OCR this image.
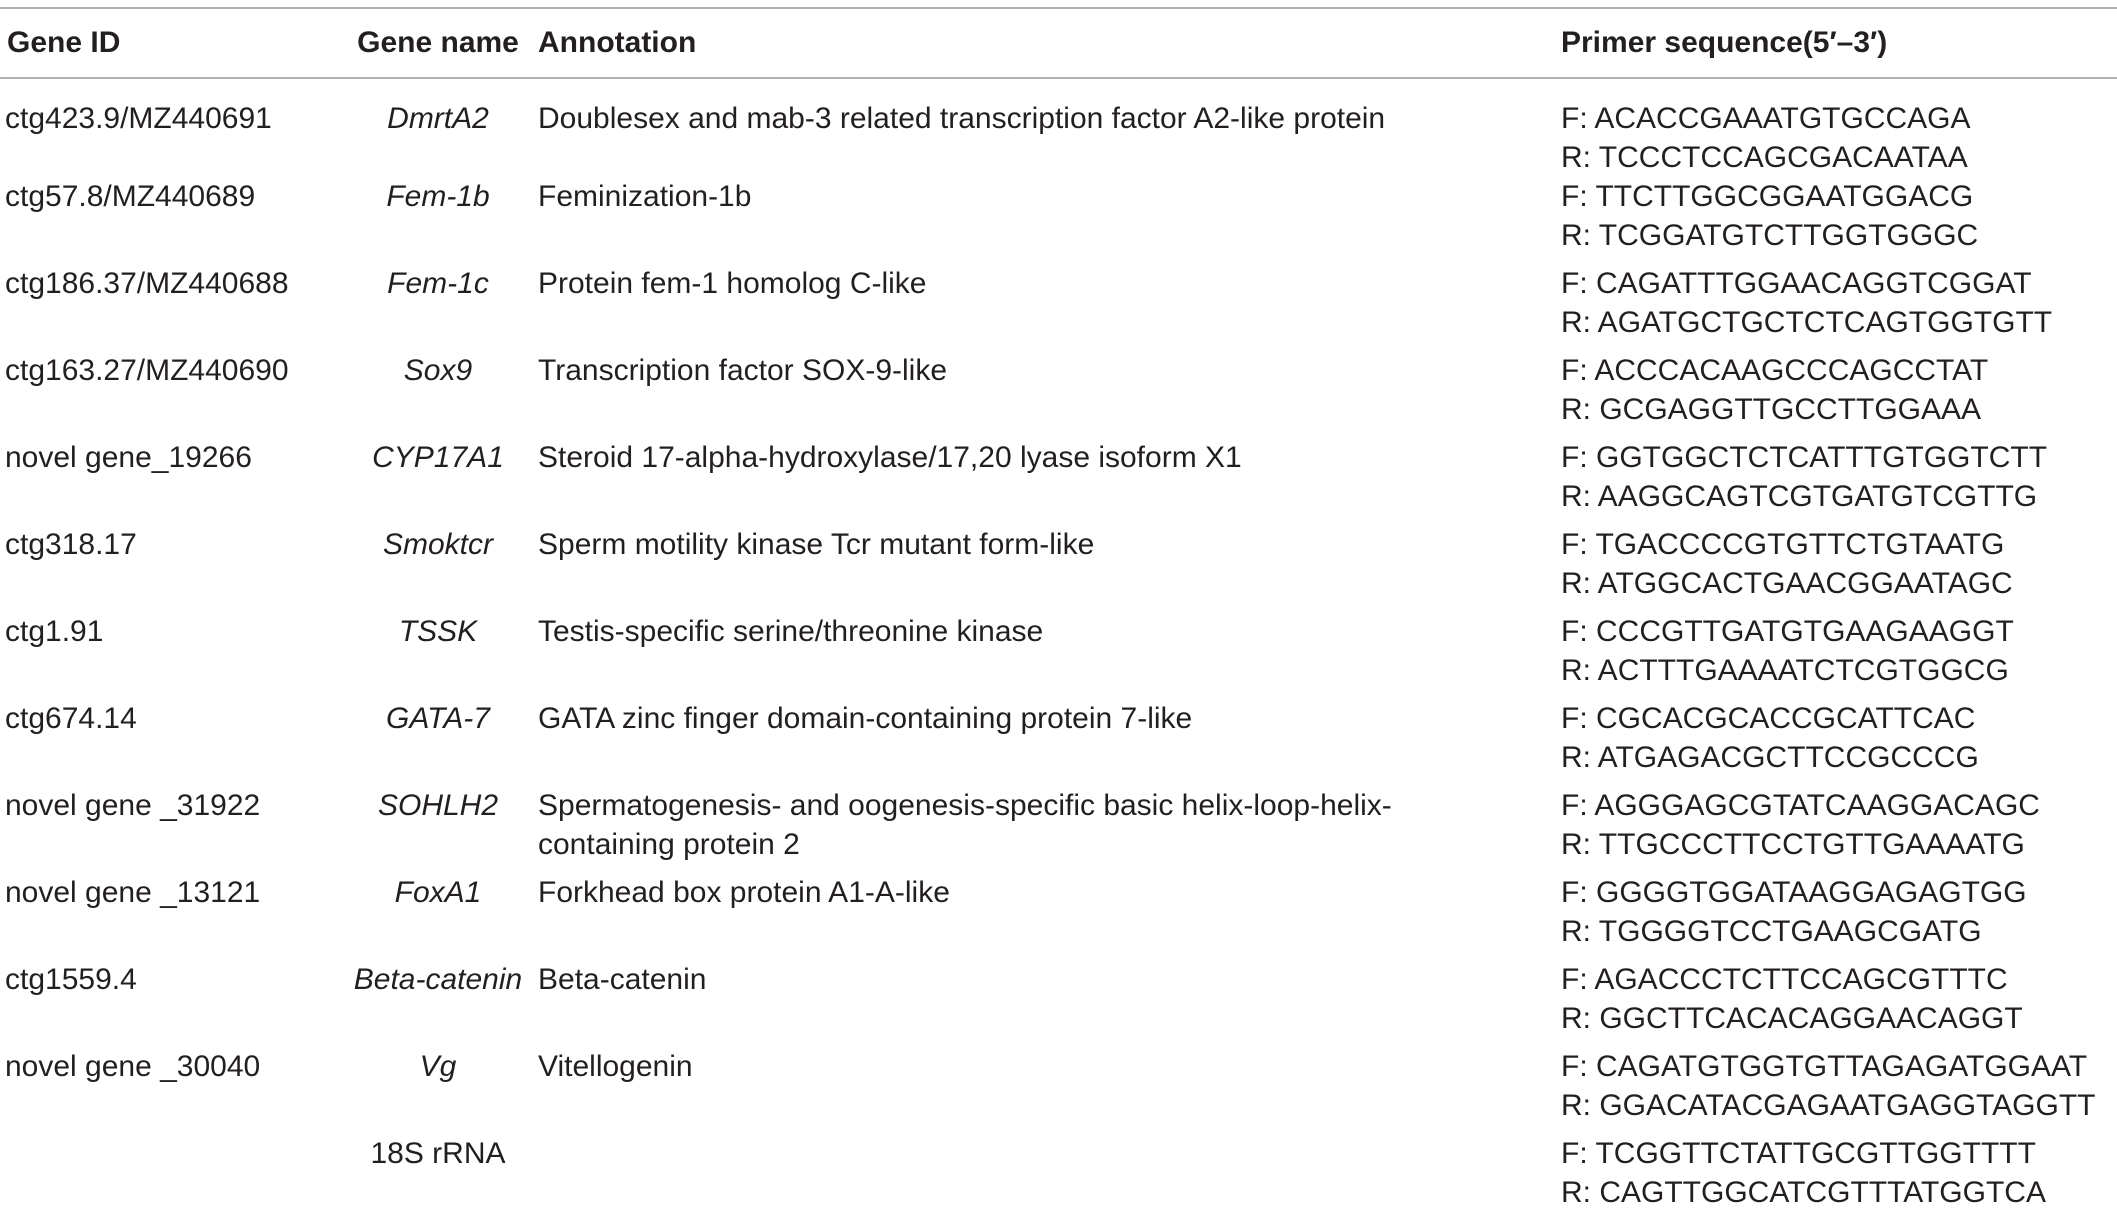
Gene ID	Gene name	Annotation	Primer sequence(5′–3′)
ctg423.9/MZ440691	DmrtA2	Doublesex and mab-3 related transcription factor A2-like protein	F: ACACCGAAATGTGCCAGA
R: TCCCTCCAGCGACAATAA

ctg57.8/MZ440689	Fem-1b	Feminization-1b	F: TTCTTGGCGGAATGGACG
R: TCGGATGTCTTGGTGGGC

ctg186.37/MZ440688	Fem-1c	Protein fem-1 homolog C-like	F: CAGATTTGGAACAGGTCGGAT
R: AGATGCTGCTCTCAGTGGTGTT

ctg163.27/MZ440690	Sox9	Transcription factor SOX-9-like	F: ACCCACAAGCCCAGCCTAT
R: GCGAGGTTGCCTTGGAAA

novel gene_19266	CYP17A1	Steroid 17-alpha-hydroxylase/17,20 lyase isoform X1	F: GGTGGCTCTCATTTGTGGTCTT
R: AAGGCAGTCGTGATGTCGTTG

ctg318.17	Smoktcr	Sperm motility kinase Tcr mutant form-like	F: TGACCCCGTGTTCTGTAATG
R: ATGGCACTGAACGGAATAGC

ctg1.91	TSSK	Testis-specific serine/threonine kinase	F: CCCGTTGATGTGAAGAAGGT
R: ACTTTGAAAATCTCGTGGCG

ctg674.14	GATA-7	GATA zinc finger domain-containing protein 7-like	F: CGCACGCACCGCATTCAC
R: ATGAGACGCTTCCGCCCG

novel gene _31922	SOHLH2	Spermatogenesis- and oogenesis-specific basic helix-loop-helix-containing protein 2	F: AGGGAGCGTATCAAGGACAGC
R: TTGCCCTTCCTGTTGAAAATG

novel gene _13121	FoxA1	Forkhead box protein A1-A-like	F: GGGGTGGATAAGGAGAGTGG
R: TGGGGTCCTGAAGCGATG

ctg1559.4	Beta-catenin	Beta-catenin	F: AGACCCTCTTCCAGCGTTTC
R: GGCTTCACACAGGAACAGGT

novel gene _30040	Vg	Vitellogenin	F: CAGATGTGGTGTTAGAGATGGAAT
R: GGACATACGAGAATGAGGTAGGTT

	18S rRNA		F: TCGGTTCTATTGCGTTGGTTTT
R: CAGTTGGCATCGTTTATGGTCA
